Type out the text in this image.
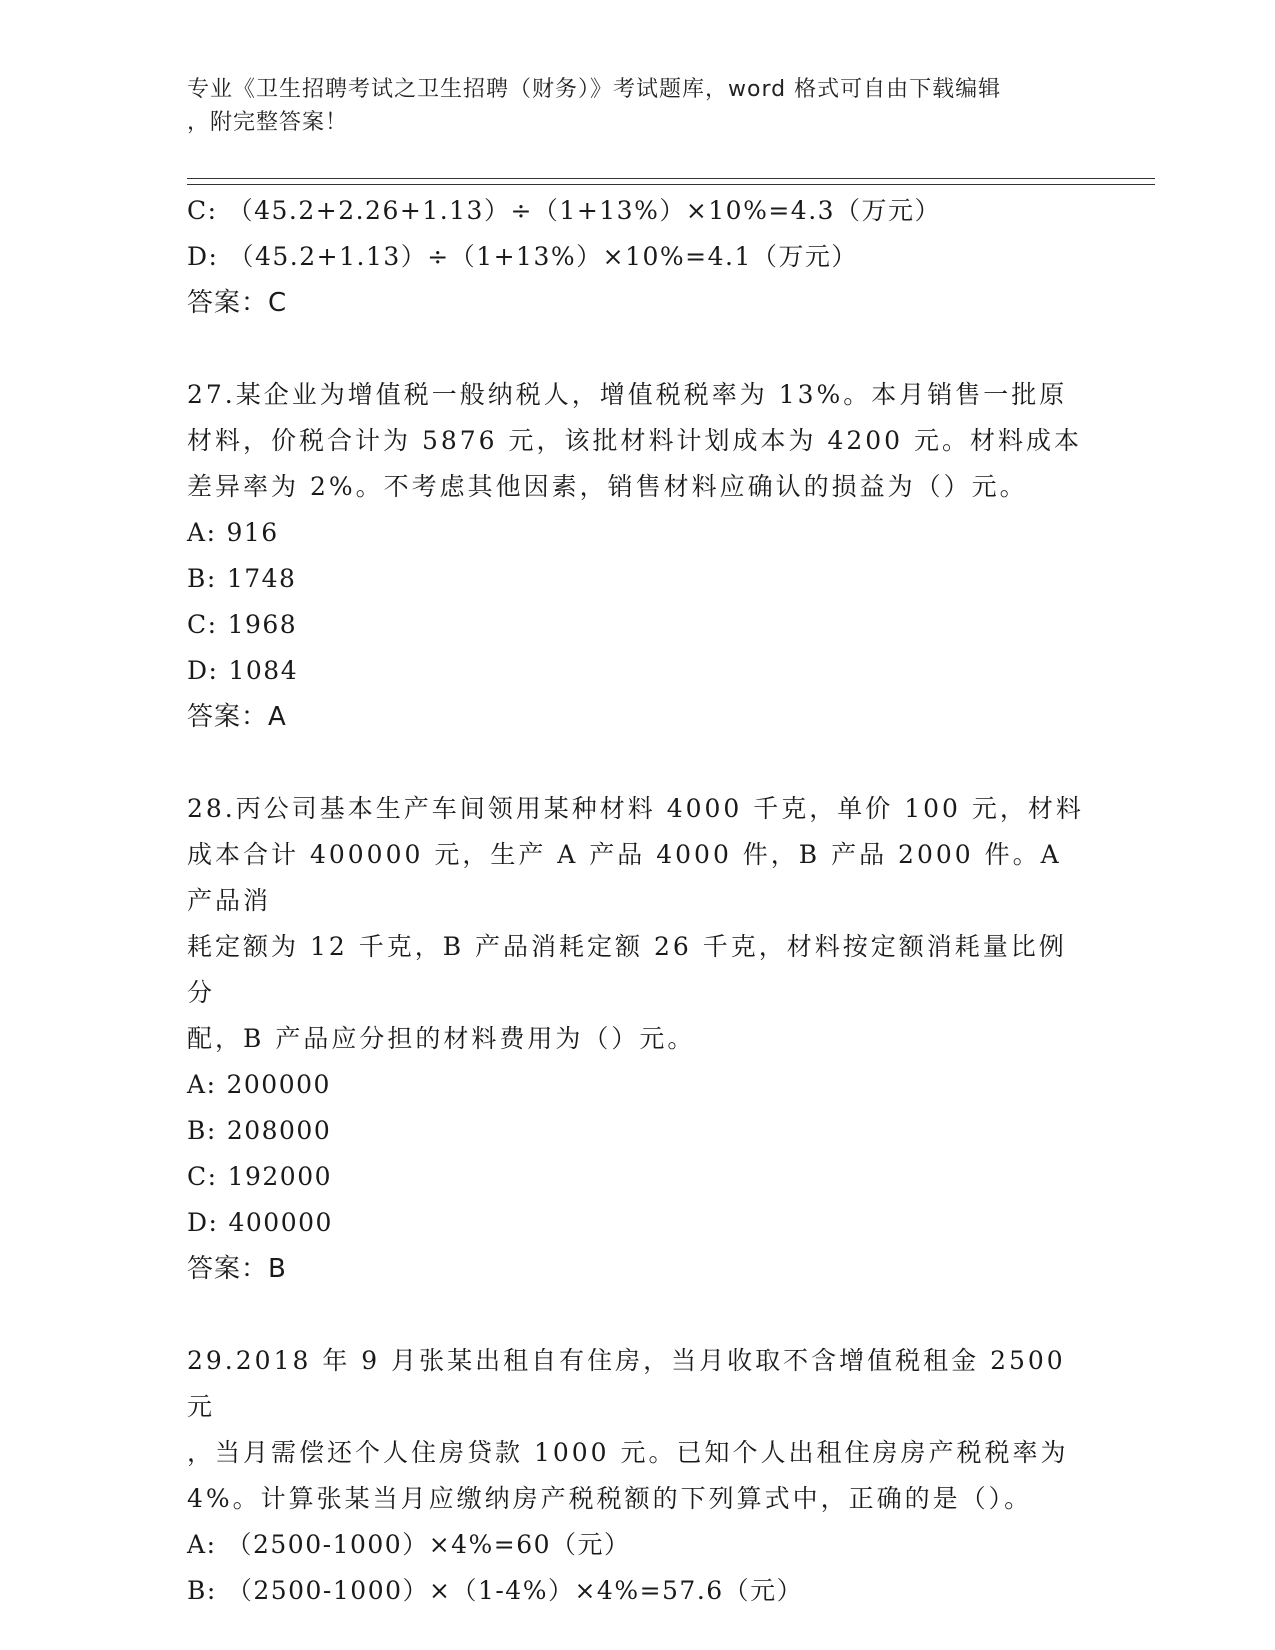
专业《卫生招聘考试之卫生招聘（财务）》考试题库，word 格式可自由下载编辑
，附完整答案！
C: （45.2+2.26+1.13）÷（1+13%）×10%=4.3（万元）
D: （45.2+1.13）÷（1+13%）×10%=4.1（万元）
答案：C
27.某企业为增值税一般纳税人，增值税税率为 13%。本月销售一批原
材料，价税合计为 5876 元，该批材料计划成本为 4200 元。材料成本
差异率为 2%。不考虑其他因素，销售材料应确认的损益为（）元。
A: 916
B: 1748
C: 1968
D: 1084
答案：A
28.丙公司基本生产车间领用某种材料 4000 千克，单价 100 元，材料
成本合计 400000 元，生产 A 产品 4000 件，B 产品 2000 件。A 产品消
耗定额为 12 千克，B 产品消耗定额 26 千克，材料按定额消耗量比例分
配，B 产品应分担的材料费用为（）元。
A: 200000
B: 208000
C: 192000
D: 400000
答案：B
29.2018 年 9 月张某出租自有住房，当月收取不含增值税租金 2500 元
，当月需偿还个人住房贷款 1000 元。已知个人出租住房房产税税率为
4%。计算张某当月应缴纳房产税税额的下列算式中，正确的是（）。
A: （2500-1000）×4%=60（元）
B: （2500-1000）×（1-4%）×4%=57.6（元）
